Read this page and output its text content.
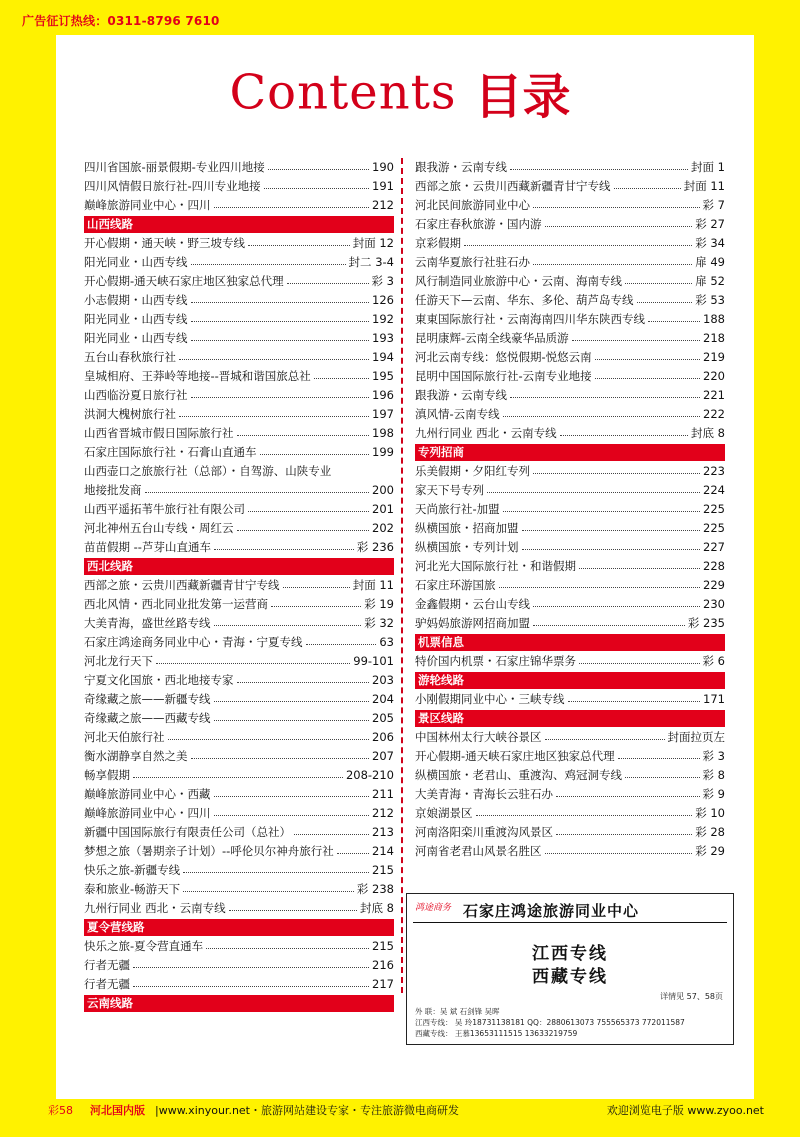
广告征订热线：0311-8796 7610
Contents 目录
四川省国旅-丽景假期-专业四川地接	190
四川风情假日旅行社-四川专业地接	191
巅峰旅游同业中心・四川	212
山西线路
开心假期・通天峡・野三坡专线	封面 12
阳光同业・山西专线	封二 3-4
开心假期-通天峡石家庄地区独家总代理	彩 3
小志假期・山西专线	126
阳光同业・山西专线	192
阳光同业・山西专线	193
五台山春秋旅行社	194
皇城相府、王莽岭等地接--晋城和谐国旅总社	195
山西临汾夏日旅行社	196
洪洞大槐树旅行社	197
山西省晋城市假日国际旅行社	198
石家庄国际旅行社・石膏山直通车	199
山西壶口之旅旅行社（总部）・自驾游、山陕专业
地接批发商	200
山西平遥拓苇牛旅行社有限公司	201
河北神州五台山专线・周红云	202
苗苗假期 --芦芽山直通车	彩 236
西北线路
西部之旅・云贵川西藏新疆青甘宁专线	封面 11
西北风情・西北同业批发第一运营商	彩 19
大美青海，盛世丝路专线	彩 32
石家庄鸿途商务同业中心・青海・宁夏专线	63
河北龙行天下	99-101
宁夏文化国旅・西北地接专家	203
奇缘藏之旅——新疆专线	204
奇缘藏之旅——西藏专线	205
河北天伯旅行社	206
衡水湖静享自然之美	207
畅享假期	208-210
巅峰旅游同业中心・西藏	211
巅峰旅游同业中心・四川	212
新疆中国国际旅行有限责任公司（总社）	213
梦想之旅（暑期亲子计划）--呼伦贝尔神舟旅行社	214
快乐之旅-新疆专线	215
泰和旅业-畅游天下	彩 238
九州行同业 西北・云南专线	封底 8
夏令营线路
快乐之旅-夏令营直通车	215
行者无疆	216
行者无疆	217
云南线路
跟我游・云南专线	封面 1
西部之旅・云贵川西藏新疆青甘宁专线	封面 11
河北民间旅游同业中心	彩 7
石家庄春秋旅游・国内游	彩 27
京彩假期	彩 34
云南华夏旅行社驻石办	扉 49
风行制造同业旅游中心・云南、海南专线	扉 52
任游天下—云南、华东、多伦、葫芦岛专线	彩 53
東東国际旅行社・云南海南四川华东陕西专线	188
昆明康辉-云南全线豪华品质游	218
河北云南专线：悠悦假期-悦悠云南	219
昆明中国国际旅行社-云南专业地接	220
跟我游・云南专线	221
滇风情-云南专线	222
九州行同业 西北・云南专线	封底 8
专列招商
乐美假期・夕阳红专列	223
家天下号专列	224
天尚旅行社-加盟	225
纵横国旅・招商加盟	225
纵横国旅・专列计划	227
河北光大国际旅行社・和谐假期	228
石家庄环游国旅	229
金鑫假期・云台山专线	230
驴妈妈旅游网招商加盟	彩 235
机票信息
特价国内机票・石家庄锦华票务	彩 6
游轮线路
小刚假期同业中心・三峡专线	171
景区线路
中国林州太行大峡谷景区	封面拉页左
开心假期-通天峡石家庄地区独家总代理	彩 3
纵横国旅・老君山、重渡沟、鸡冠洞专线	彩 8
大美青海・青海长云驻石办	彩 9
京娘湖景区	彩 10
河南洛阳栾川重渡沟风景区	彩 28
河南省老君山风景名胜区	彩 29
鸿途商务 石家庄鸿途旅游同业中心
江西专线
西藏专线
详情见 57、58页
外 联：吴 斌 石剑锋 吴晖
江西专线： 吴 玲18731138181 QQ：2880613073 755565373 772011587
西藏专线： 王慕13653111515 13633219759
彩58 河北国内版 |www.xinyour.net・旅游网站建设专家・专注旅游微电商研发	欢迎浏览电子版 www.zyoo.net
